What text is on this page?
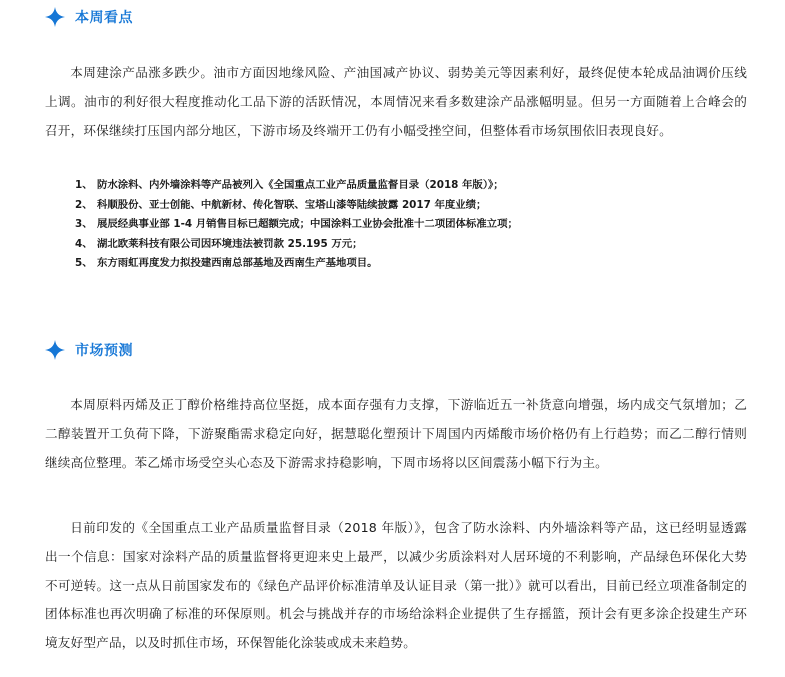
本周看点

本周建涂产品涨多跌少。油市方面因地缘风险、产油国减产协议、弱势美元等因素利好，最终促使本轮成品油调价压线上调。油市的利好很大程度推动化工品下游的活跃情况，本周情况来看多数建涂产品涨幅明显。但另一方面随着上合峰会的召开，环保继续打压国内部分地区，下游市场及终端开工仍有小幅受挫空间，但整体看市场氛围依旧表现良好。

1、 防水涂料、内外墙涂料等产品被列入《全国重点工业产品质量监督目录（2018 年版）》；
2、 科顺股份、亚士创能、中航新材、传化智联、宝塔山漆等陆续披露 2017 年度业绩；
3、 展辰经典事业部 1-4 月销售目标已超额完成；中国涂料工业协会批准十二项团体标准立项；
4、 湖北欧莱科技有限公司因环境违法被罚款 25.195 万元；
5、 东方雨虹再度发力拟投建西南总部基地及西南生产基地项目。
市场预测

本周原料丙烯及正丁醇价格维持高位坚挺，成本面存强有力支撑，下游临近五一补货意向增强，场内成交气氛增加；乙二醇装置开工负荷下降，下游聚酯需求稳定向好，据慧聪化塑预计下周国内丙烯酸市场价格仍有上行趋势；而乙二醇行情则继续高位整理。苯乙烯市场受空头心态及下游需求持稳影响，下周市场将以区间震荡小幅下行为主。

日前印发的《全国重点工业产品质量监督目录（2018 年版）》，包含了防水涂料、内外墙涂料等产品，这已经明显透露出一个信息：国家对涂料产品的质量监督将更迎来史上最严，以减少劣质涂料对人居环境的不利影响，产品绿色环保化大势不可逆转。这一点从日前国家发布的《绿色产品评价标准清单及认证目录（第一批）》就可以看出，目前已经立项准备制定的团体标准也再次明确了标准的环保原则。机会与挑战并存的市场给涂料企业提供了生存摇篮，预计会有更多涂企投建生产环境友好型产品，以及时抓住市场，环保智能化涂装或成未来趋势。
